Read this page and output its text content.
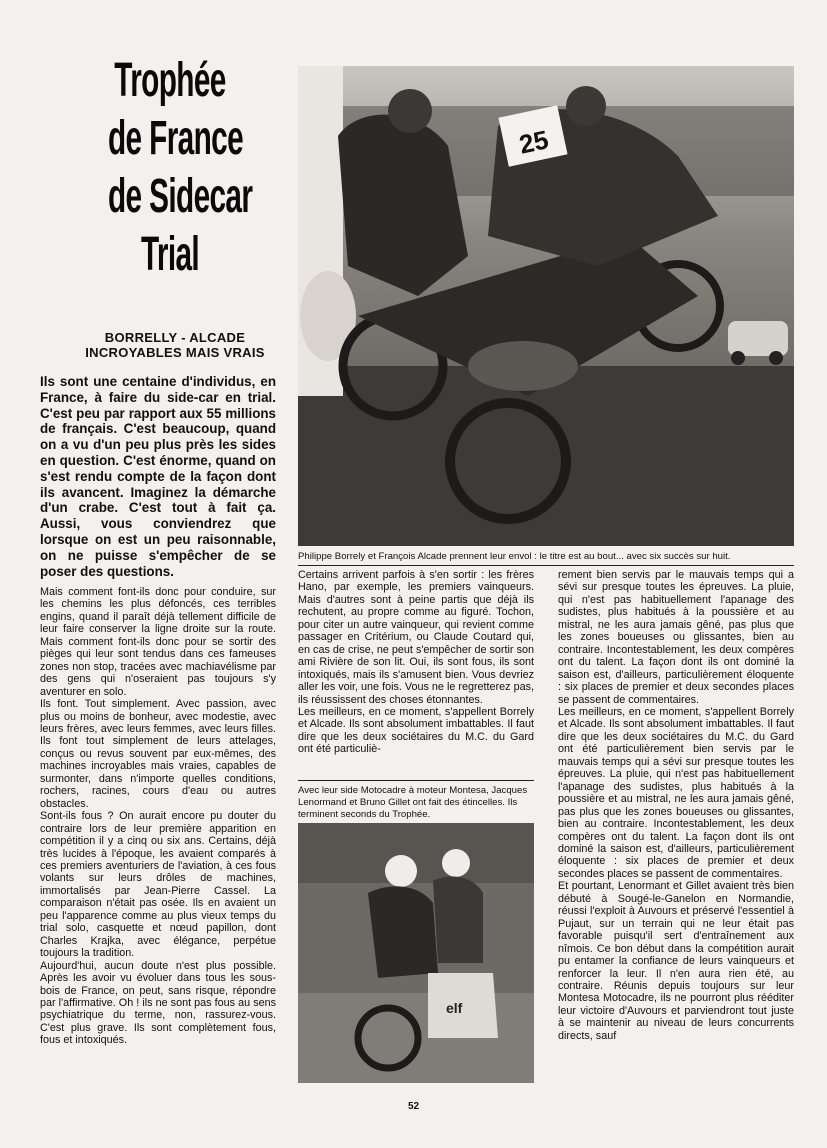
Trophée
de France
de Sidecar
Trial
BORRELLY - ALCADE
INCROYABLES MAIS VRAIS
Ils sont une centaine d'individus, en France, à faire du side-car en trial. C'est peu par rapport aux 55 millions de français. C'est beaucoup, quand on a vu d'un peu plus près les sides en question. C'est énorme, quand on s'est rendu compte de la façon dont ils avancent. Imaginez la démarche d'un crabe. C'est tout à fait ça. Aussi, vous conviendrez que lorsque on est un peu raisonnable, on ne puisse s'empêcher de se poser des questions.

Mais comment font-ils donc pour conduire, sur les chemins les plus défoncés, ces terribles engins, quand il paraît déjà tellement difficile de leur faire conserver la ligne droite sur la route. Mais comment font-ils donc pour se sortir des pièges qui leur sont tendus dans ces fameuses zones non stop, tracées avec machiavélisme par des gens qui n'oseraient pas toujours s'y aventurer en solo.

Ils font. Tout simplement. Avec passion, avec plus ou moins de bonheur, avec modestie, avec leurs frères, avec leurs femmes, avec leurs filles. Ils font tout simplement de leurs attelages, conçus ou revus souvent par eux-mêmes, des machines incroyables mais vraies, capables de surmonter, dans n'importe quelles conditions, rochers, racines, cours d'eau ou autres obstacles.

Sont-ils fous ? On aurait encore pu douter du contraire lors de leur première apparition en compétition il y a cinq ou six ans. Certains, déjà très lucides à l'époque, les avaient comparés à ces premiers aventuriers de l'aviation, à ces fous volants sur leurs drôles de machines, immortalisés par Jean-Pierre Cassel. La comparaison n'était pas osée. Ils en avaient un peu l'apparence comme au plus vieux temps du trial solo, casquette et nœud papillon, dont Charles Krajka, avec élégance, perpétue toujours la tradition.

Aujourd'hui, aucun doute n'est plus possible. Après les avoir vu évoluer dans tous les sous-bois de France, on peut, sans risque, répondre par l'affirmative. Oh ! ils ne sont pas fous au sens psychiatrique du terme, non, rassurez-vous. C'est plus grave. Ils sont complètement fous, fous et intoxiqués.

25
Philippe Borrely et François Alcade prennent leur envol : le titre est au bout... avec six succès sur huit.

Certains arrivent parfois à s'en sortir : les frères Hano, par exemple, les premiers vainqueurs. Mais d'autres sont à peine partis que déjà ils rechutent, au propre comme au figuré. Tochon, pour citer un autre vainqueur, qui revient comme passager en Critérium, ou Claude Coutard qui, en cas de crise, ne peut s'empêcher de sortir son ami Rivière de son lit. Oui, ils sont fous, ils sont intoxiqués, mais ils s'amusent bien. Vous devriez aller les voir, une fois. Vous ne le regretterez pas, ils réussissent des choses étonnantes.

Les meilleurs, en ce moment, s'appellent Borrely et Alcade. Ils sont absolument imbattables. Il faut dire que les deux sociétaires du M.C. du Gard ont été particuliè-

Avec leur side Motocadre à moteur Montesa, Jacques Lenormand et Bruno Gillet ont fait des étincelles. Ils terminent seconds du Trophée.
elf

rement bien servis par le mauvais temps qui a sévi sur presque toutes les épreuves. La pluie, qui n'est pas habituellement l'apanage des sudistes, plus habitués à la poussière et au mistral, ne les aura jamais gêné, pas plus que les zones boueuses ou glissantes, bien au contraire. Incontestablement, les deux compères ont du talent. La façon dont ils ont dominé la saison est, d'ailleurs, particulièrement éloquente : six places de premier et deux secondes places se passent de commentaires.

Les meilleurs, en ce moment, s'appellent Borrely et Alcade. Ils sont absolument imbattables. Il faut dire que les deux sociétaires du M.C. du Gard ont été particulièrement bien servis par le mauvais temps qui a sévi sur presque toutes les épreuves. La pluie, qui n'est pas habituellement l'apanage des sudistes, plus habitués à la poussière et au mistral, ne les aura jamais gêné, pas plus que les zones boueuses ou glissantes, bien au contraire. Incontestablement, les deux compères ont du talent. La façon dont ils ont dominé la saison est, d'ailleurs, particulièrement éloquente : six places de premier et deux secondes places se passent de commentaires.

Et pourtant, Lenormant et Gillet avaient très bien débuté à Sougé-le-Ganelon en Normandie, réussi l'exploit à Auvours et préservé l'essentiel à Pujaut, sur un terrain qui ne leur était pas favorable puisqu'il sert d'entraînement aux nîmois. Ce bon début dans la compétition aurait pu entamer la confiance de leurs vainqueurs et renforcer la leur. Il n'en aura rien été, au contraire. Réunis depuis toujours sur leur Montesa Motocadre, ils ne pourront plus rééditer leur victoire d'Auvours et parviendront tout juste à se maintenir au niveau de leurs concurrents directs, sauf

52
